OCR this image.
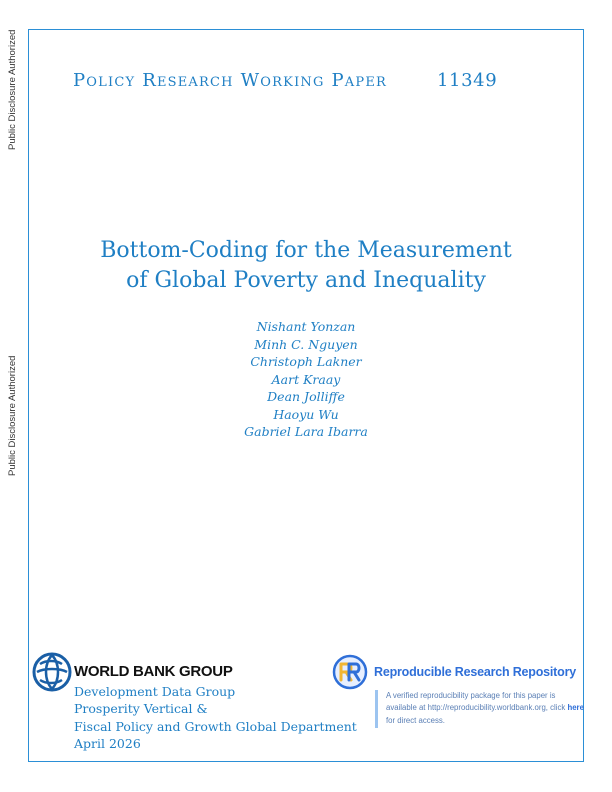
Public Disclosure Authorized
Public Disclosure Authorized
Policy Research Working Paper	11349
Bottom-Coding for the Measurement
of Global Poverty and Inequality
Nishant Yonzan
Minh C. Nguyen
Christoph Lakner
Aart Kraay
Dean Jolliffe
Haoyu Wu
Gabriel Lara Ibarra
WORLD BANK GROUP
Development Data Group
Prosperity Vertical &
Fiscal Policy and Growth Global Department
April 2026
Reproducible Research Repository
A verified reproducibility package for this paper is available at http://reproducibility.worldbank.org, click here for direct access.
